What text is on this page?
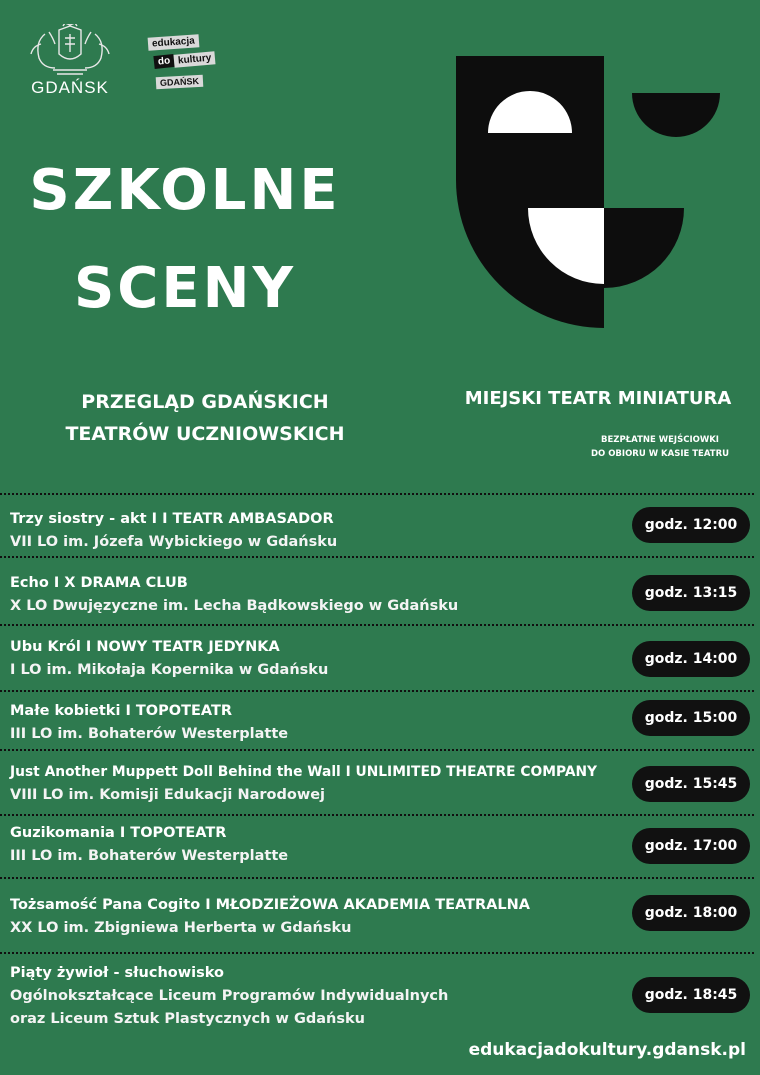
GDAŃSK
edukacja
do kultury
GDAŃSK
SZKOLNE
SCENY
PRZEGLĄD GDAŃSKICH
TEATRÓW UCZNIOWSKICH
MIEJSKI TEATR MINIATURA
BEZPŁATNE WEJŚCIOWKI
DO OBIORU W KASIE TEATRU
Trzy siostry - akt I I TEATR AMBASADOR
VII LO im. Józefa Wybickiego w Gdańsku
godz. 12:00
Echo I X DRAMA CLUB
X LO Dwujęzyczne im. Lecha Bądkowskiego w Gdańsku
godz. 13:15
Ubu Król I NOWY TEATR JEDYNKA
I LO im. Mikołaja Kopernika w Gdańsku
godz. 14:00
Małe kobietki I TOPOTEATR
III LO im. Bohaterów Westerplatte
godz. 15:00
Just Another Muppett Doll Behind the Wall I UNLIMITED THEATRE COMPANY
VIII LO im. Komisji Edukacji Narodowej
godz. 15:45
Guzikomania I TOPOTEATR
III LO im. Bohaterów Westerplatte
godz. 17:00
Tożsamość Pana Cogito I MŁODZIEŻOWA AKADEMIA TEATRALNA
XX LO im. Zbigniewa Herberta w Gdańsku
godz. 18:00
Piąty żywioł - słuchowisko
Ogólnokształcące Liceum Programów Indywidualnych
oraz Liceum Sztuk Plastycznych w Gdańsku
godz. 18:45
edukacjadokultury.gdansk.pl
